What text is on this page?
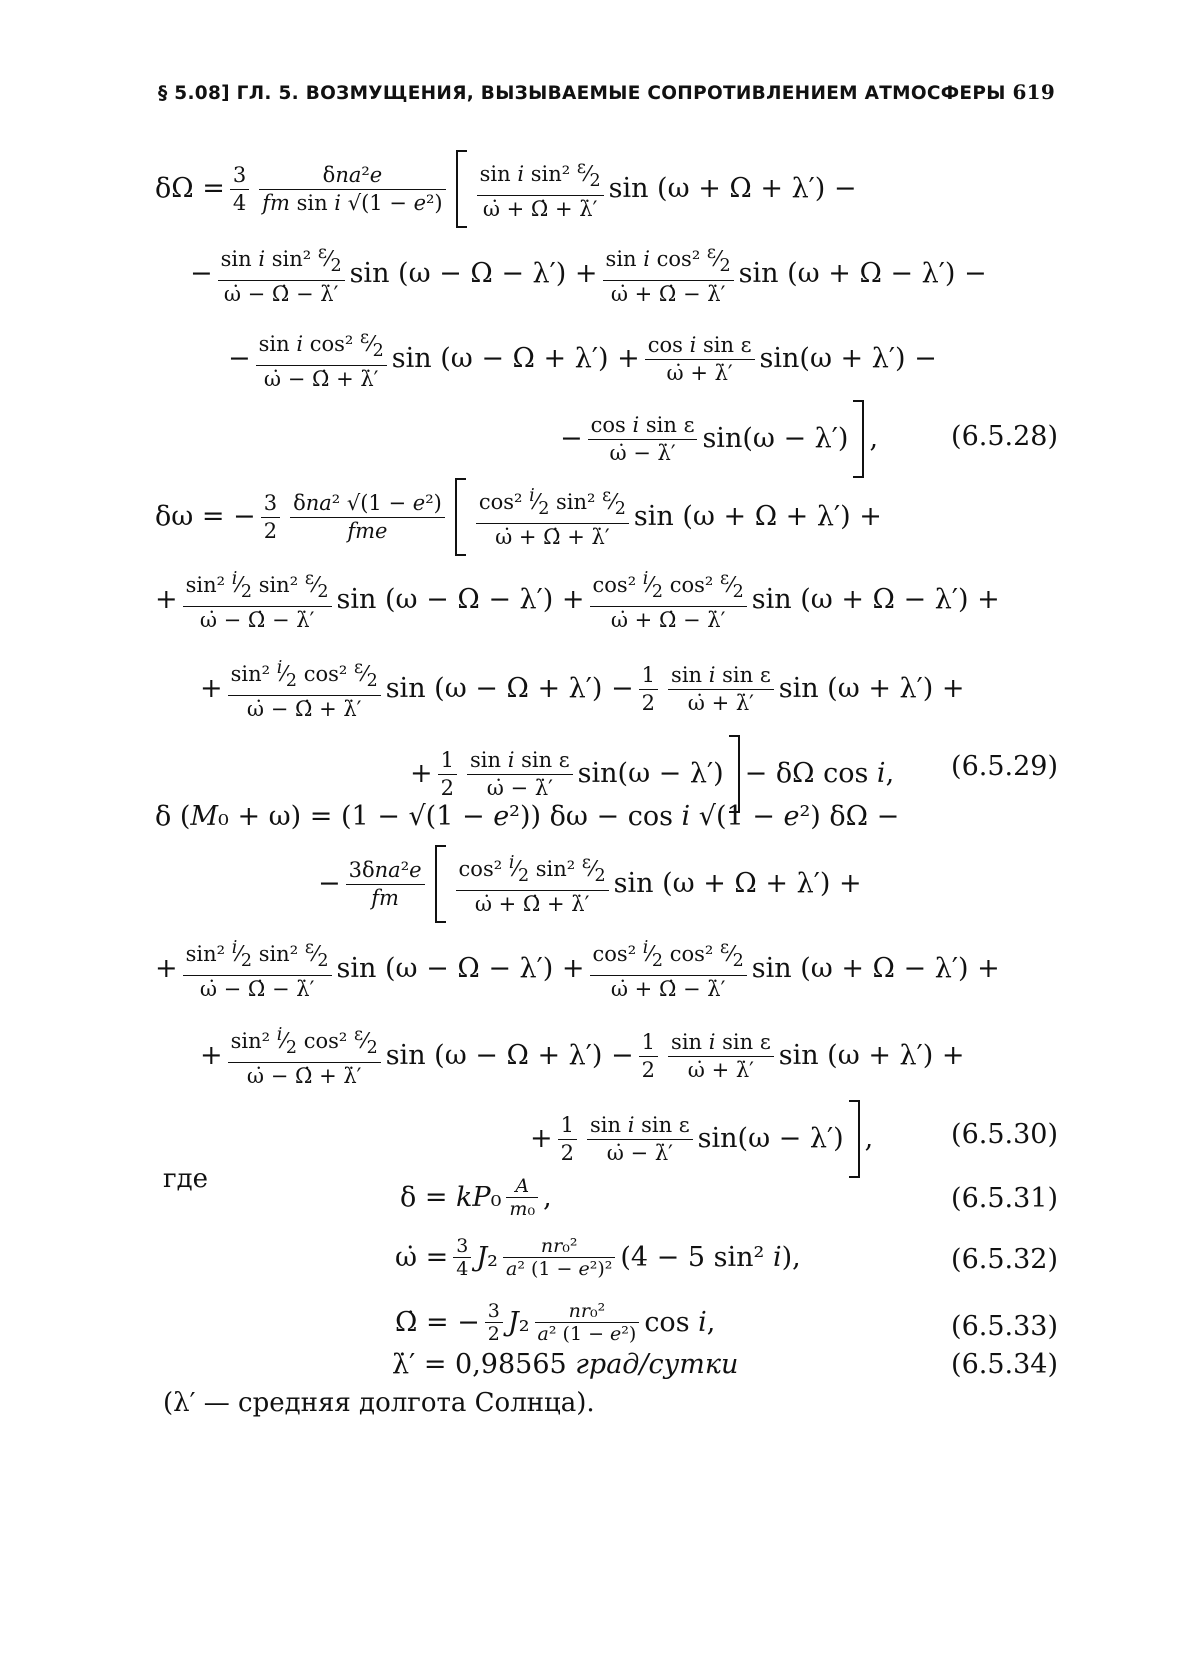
§ 5.08] ГЛ. 5. ВОЗМУЩЕНИЯ, ВЫЗЫВАЕМЫЕ СОПРОТИВЛЕНИЕМ АТМОСФЕРЫ 619
$\delta\Omega = \frac{3}{4} \frac{\text{δna²e}}{\text{fm sin i √(1 − e²)}} \frac{\sin i \sin^2 ^\varepsilon⁄_2}{\omegȧ + \Omegȧ + \lambdȧ'}$ sin (ω + Ω + λ′) −
− $\frac{\sin i \sin^2 ^\varepsilon⁄_2}{\omegȧ - \Omegȧ - \lambdȧ'}$ $\sin (\omega - \Omega - \lambda') + \frac{\sin i \cos^2 ^\varepsilon⁄_2}{\omegȧ + \Omegȧ - \lambdȧ'}$ sin (ω + Ω − λ′) −
− $\frac{\sin i \cos^2 ^\varepsilon⁄_2}{\omegȧ - \Omegȧ + \lambdȧ'}$ $\sin (\omega - \Omega + \lambda') + \frac{\text{cos i sin ε}}{\omegȧ + \lambdȧ'} \sin(\omega + \lambda')$ −
− $\frac{\text{cos i sin ε}}{\omegȧ - \lambdȧ'} \sin(\omega - \lambda')$ ,	(6.5.28)
δω = − $\frac{3}{2} \frac{\text{δna² √(1 − e²)}}{\text{fme}} \frac{\cos^2 ^i⁄_2 \sin^2 ^\varepsilon⁄_2}{\omegȧ + \Omegȧ + \lambdȧ'}$ sin (ω + Ω + λ′) +
+ $\frac{\sin^2 ^i⁄_2 \sin^2 ^\varepsilon⁄_2}{\omegȧ - \Omegȧ - \lambdȧ'}$ $\sin (\omega - \Omega - \lambda') + \frac{\cos^2 ^i⁄_2 \cos^2 ^\varepsilon⁄_2}{\omegȧ + \Omegȧ - \lambdȧ'}$ sin (ω + Ω − λ′) +
+ $\frac{\sin^2 ^i⁄_2 \cos^2 ^\varepsilon⁄_2}{\omegȧ - \Omegȧ + \lambdȧ'}$ $\sin (\omega - \Omega + \lambda') - \frac{1}{2} \frac{\text{sin i sin ε}}{\omegȧ + \lambdȧ'}$ sin (ω + λ′) +
+ $\frac{1}{2} \frac{\text{sin i sin ε}}{\omegȧ - \lambdȧ'} \sin(\omega - \lambda') - \delta\Omega$ cos i,	(6.5.29)
δ (M₀ + ω) = (1 − √(1 − e²)) δω − cos i √(1 − e²) δΩ −
− $\frac{\text{3δna²e}}{fm} \frac{\cos^2 ^i⁄_2 \sin^2 ^\varepsilon⁄_2}{\omegȧ + \Omegȧ + \lambdȧ'}$ sin (ω + Ω + λ′) +
+ $\frac{\sin^2 ^i⁄_2 \sin^2 ^\varepsilon⁄_2}{\omegȧ - \Omegȧ - \lambdȧ'}$ $\sin (\omega - \Omega - \lambda') + \frac{\cos^2 ^i⁄_2 \cos^2 ^\varepsilon⁄_2}{\omegȧ + \Omegȧ - \lambdȧ'}$ sin (ω + Ω − λ′) +
+ $\frac{\sin^2 ^i⁄_2 \cos^2 ^\varepsilon⁄_2}{\omegȧ - \Omegȧ + \lambdȧ'}$ $\sin (\omega - \Omega + \lambda') - \frac{1}{2} \frac{\text{sin i sin ε}}{\omegȧ + \lambdȧ'}$ sin (ω + λ′) +
+ $\frac{1}{2} \frac{\text{sin i sin ε}}{\omegȧ - \lambdȧ'} \sin(\omega - \lambda')$ ,	(6.5.30)
где
$\delta = kP_0 \frac{A}{\text{m₀}}$ ,	(6.5.31)
ω̇ = $\frac{3}{4} J_2 \frac{\text{nr₀²}}{\text{a² (1 − e²)²}} (4 - 5$ sin² i),	(6.5.32)
Ω̇ = − $\frac{3}{2} J_2 \frac{\text{nr₀²}}{\text{a² (1 − e²)}}$ cos i,	(6.5.33)
λ̇′ = 0,98565 град/сутки	(6.5.34)
(λ′ — средняя долгота Солнца).
